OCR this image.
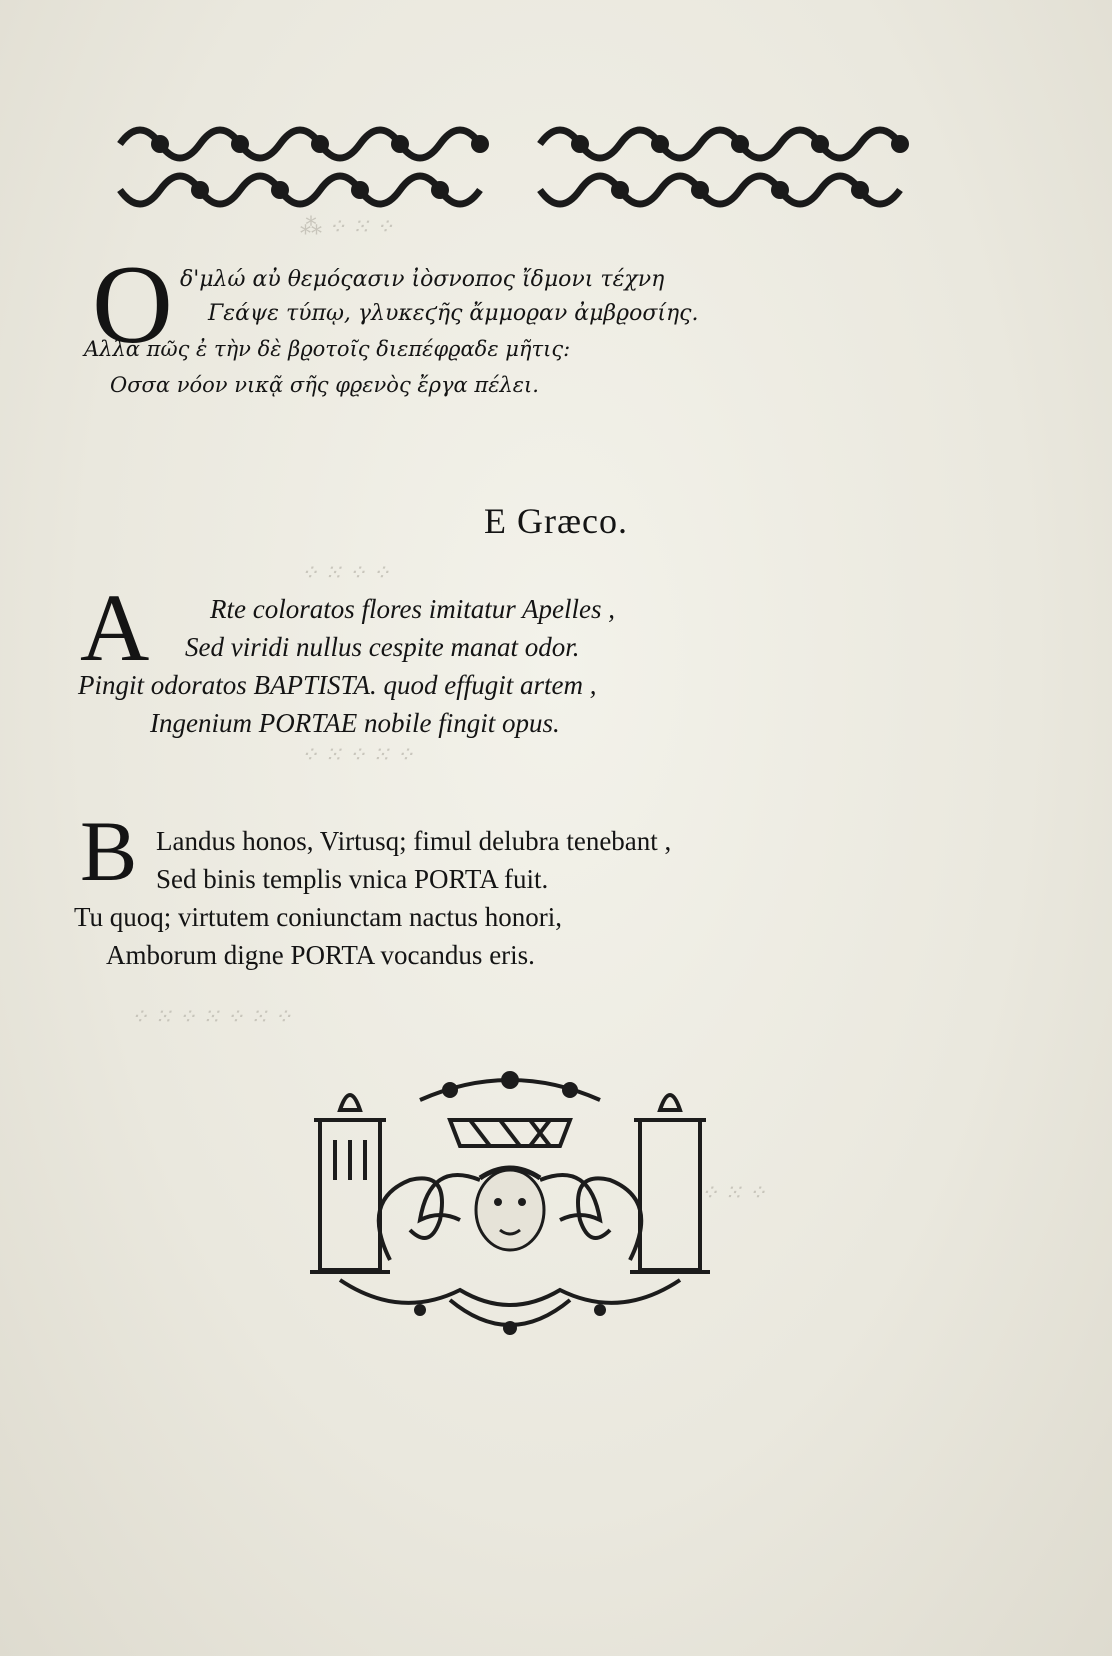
⁂ ⁘ ⁙ ⁘
O δ'μλώ αὐ θεμόςασιν ἰὸσνοπος ἴδμονι τέχνη
Γεάψε τύπῳ, γλυκεϛῆς ἄμμοϱαν ἀμβϱοσίης.
Αλλά πῶς ἐ τὴν δὲ βϱοτοῖς διεπέφϱαδε μῆτις:
Οσσα νόον νικᾷ σῆς φϱενὸς ἔργα πέλει.
E Græco.
⁘ ⁙ ⁘ ⁘
A Rte coloratos flores imitatur Apelles ,
Sed viridi nullus cespite manat odor.
Pingit odoratos BAPTISTA. quod effugit artem ,
Ingenium PORTAE nobile fingit opus.
⁘ ⁙ ⁘ ⁙ ⁘
B Landus honos, Virtusq; fimul delubra tenebant ,
Sed binis templis vnica PORTA fuit.
Tu quoq; virtutem coniunctam nactus honori,
Amborum digne PORTA vocandus eris.
⁘ ⁙ ⁘ ⁙ ⁘ ⁙ ⁘
⁘ ⁙ ⁘
